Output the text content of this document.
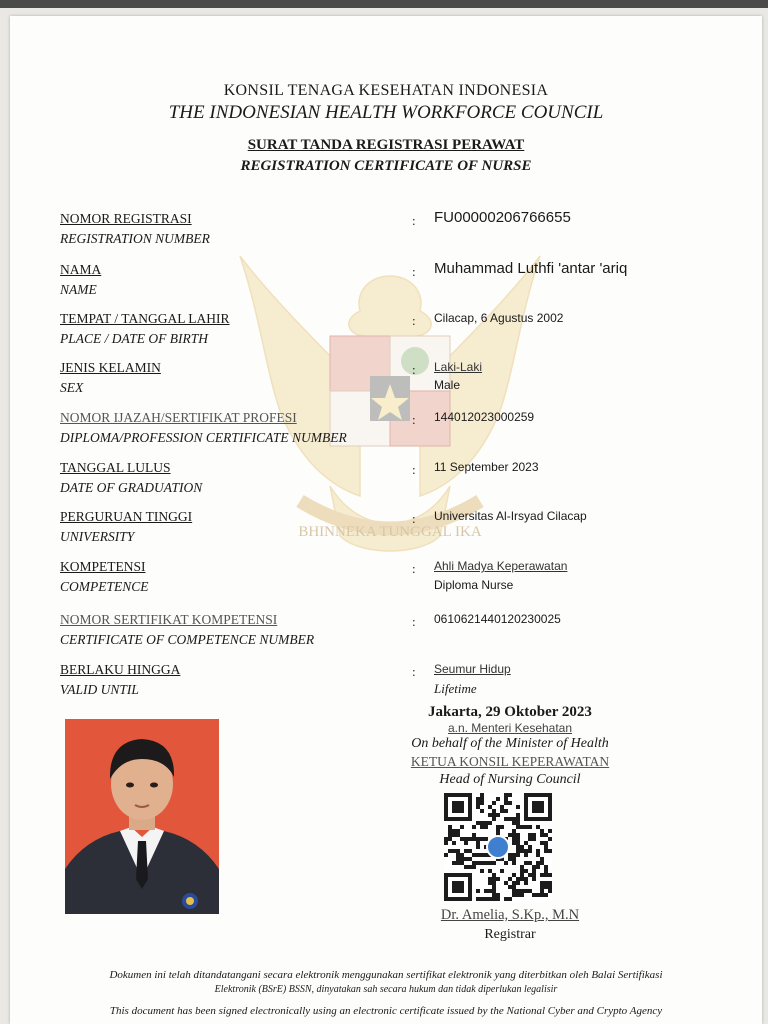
BHINNEKA TUNGGAL IKA
KONSIL TENAGA KESEHATAN INDONESIA
THE INDONESIAN HEALTH WORKFORCE COUNCIL
SURAT TANDA REGISTRASI PERAWAT
REGISTRATION CERTIFICATE OF NURSE
NOMOR REGISTRASI
REGISTRATION NUMBER
: FU00000206766655
NAMA
NAME
: Muhammad Luthfi 'antar 'ariq
TEMPAT / TANGGAL LAHIR
PLACE / DATE OF BIRTH
: Cilacap, 6 Agustus 2002
JENIS KELAMIN
SEX
: Laki-Laki
Male
NOMOR IJAZAH/SERTIFIKAT PROFESI
DIPLOMA/PROFESSION CERTIFICATE NUMBER
: 144012023000259
TANGGAL LULUS
DATE OF GRADUATION
: 11 September 2023
PERGURUAN TINGGI
UNIVERSITY
: Universitas Al-Irsyad Cilacap
KOMPETENSI
COMPETENCE
: Ahli Madya Keperawatan
Diploma Nurse
NOMOR SERTIFIKAT KOMPETENSI
CERTIFICATE OF COMPETENCE NUMBER
: 0610621440120230025
BERLAKU HINGGA
VALID UNTIL
: Seumur Hidup
Lifetime
Jakarta, 29 Oktober 2023
a.n. Menteri Kesehatan
On behalf of the Minister of Health
KETUA KONSIL KEPERAWATAN
Head of Nursing Council
Dr. Amelia, S.Kp., M.N
Registrar
Dokumen ini telah ditandatangani secara elektronik menggunakan sertifikat elektronik yang diterbitkan oleh Balai Sertifikasi
Elektronik (BSrE) BSSN, dinyatakan sah secara hukum dan tidak diperlukan legalisir
This document has been signed electronically using an electronic certificate issued by the National Cyber and Crypto Agency
